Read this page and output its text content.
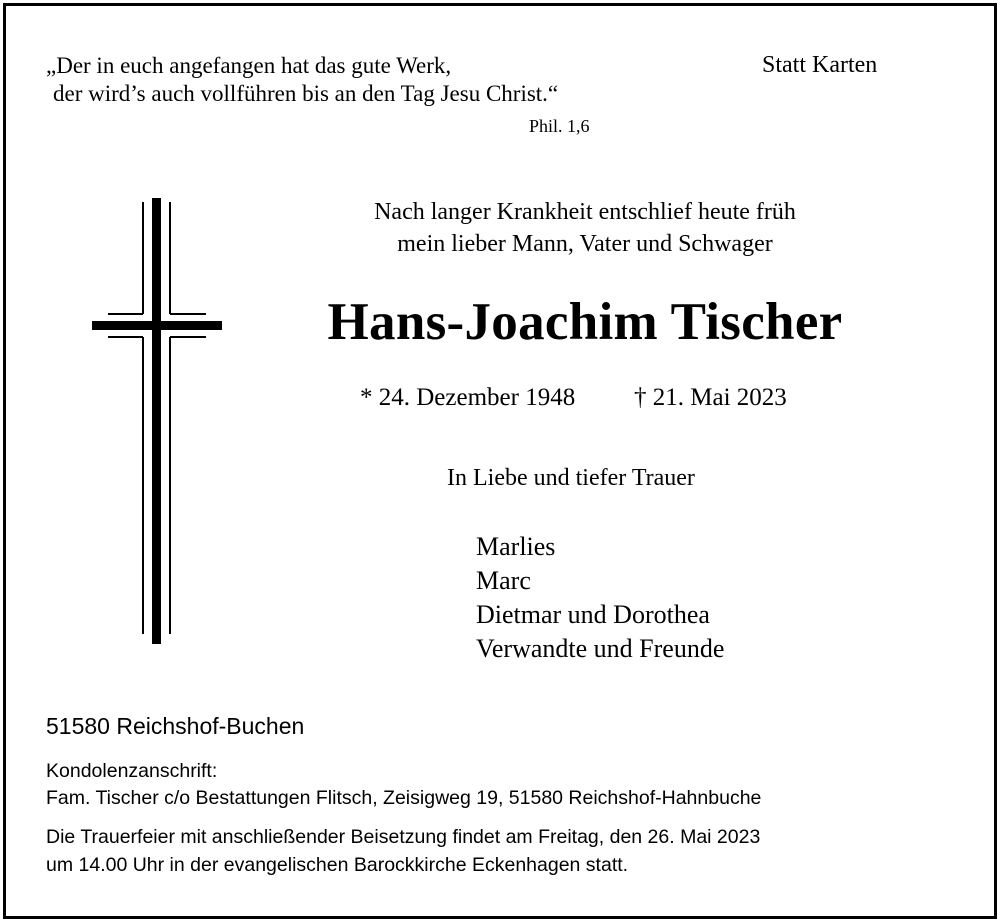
„Der in euch angefangen hat das gute Werk,
der wird’s auch vollführen bis an den Tag Jesu Christ.“
Phil. 1,6
Statt Karten
Nach langer Krankheit entschlief heute früh
mein lieber Mann, Vater und Schwager
Hans-Joachim Tischer
* 24. Dezember 1948 † 21. Mai 2023
In Liebe und tiefer Trauer
Marlies
Marc
Dietmar und Dorothea
Verwandte und Freunde
51580 Reichshof-Buchen
Kondolenzanschrift:
Fam. Tischer c/o Bestattungen Flitsch, Zeisigweg 19, 51580 Reichshof-Hahnbuche
Die Trauerfeier mit anschließender Beisetzung findet am Freitag, den 26. Mai 2023
um 14.00 Uhr in der evangelischen Barockkirche Eckenhagen statt.
